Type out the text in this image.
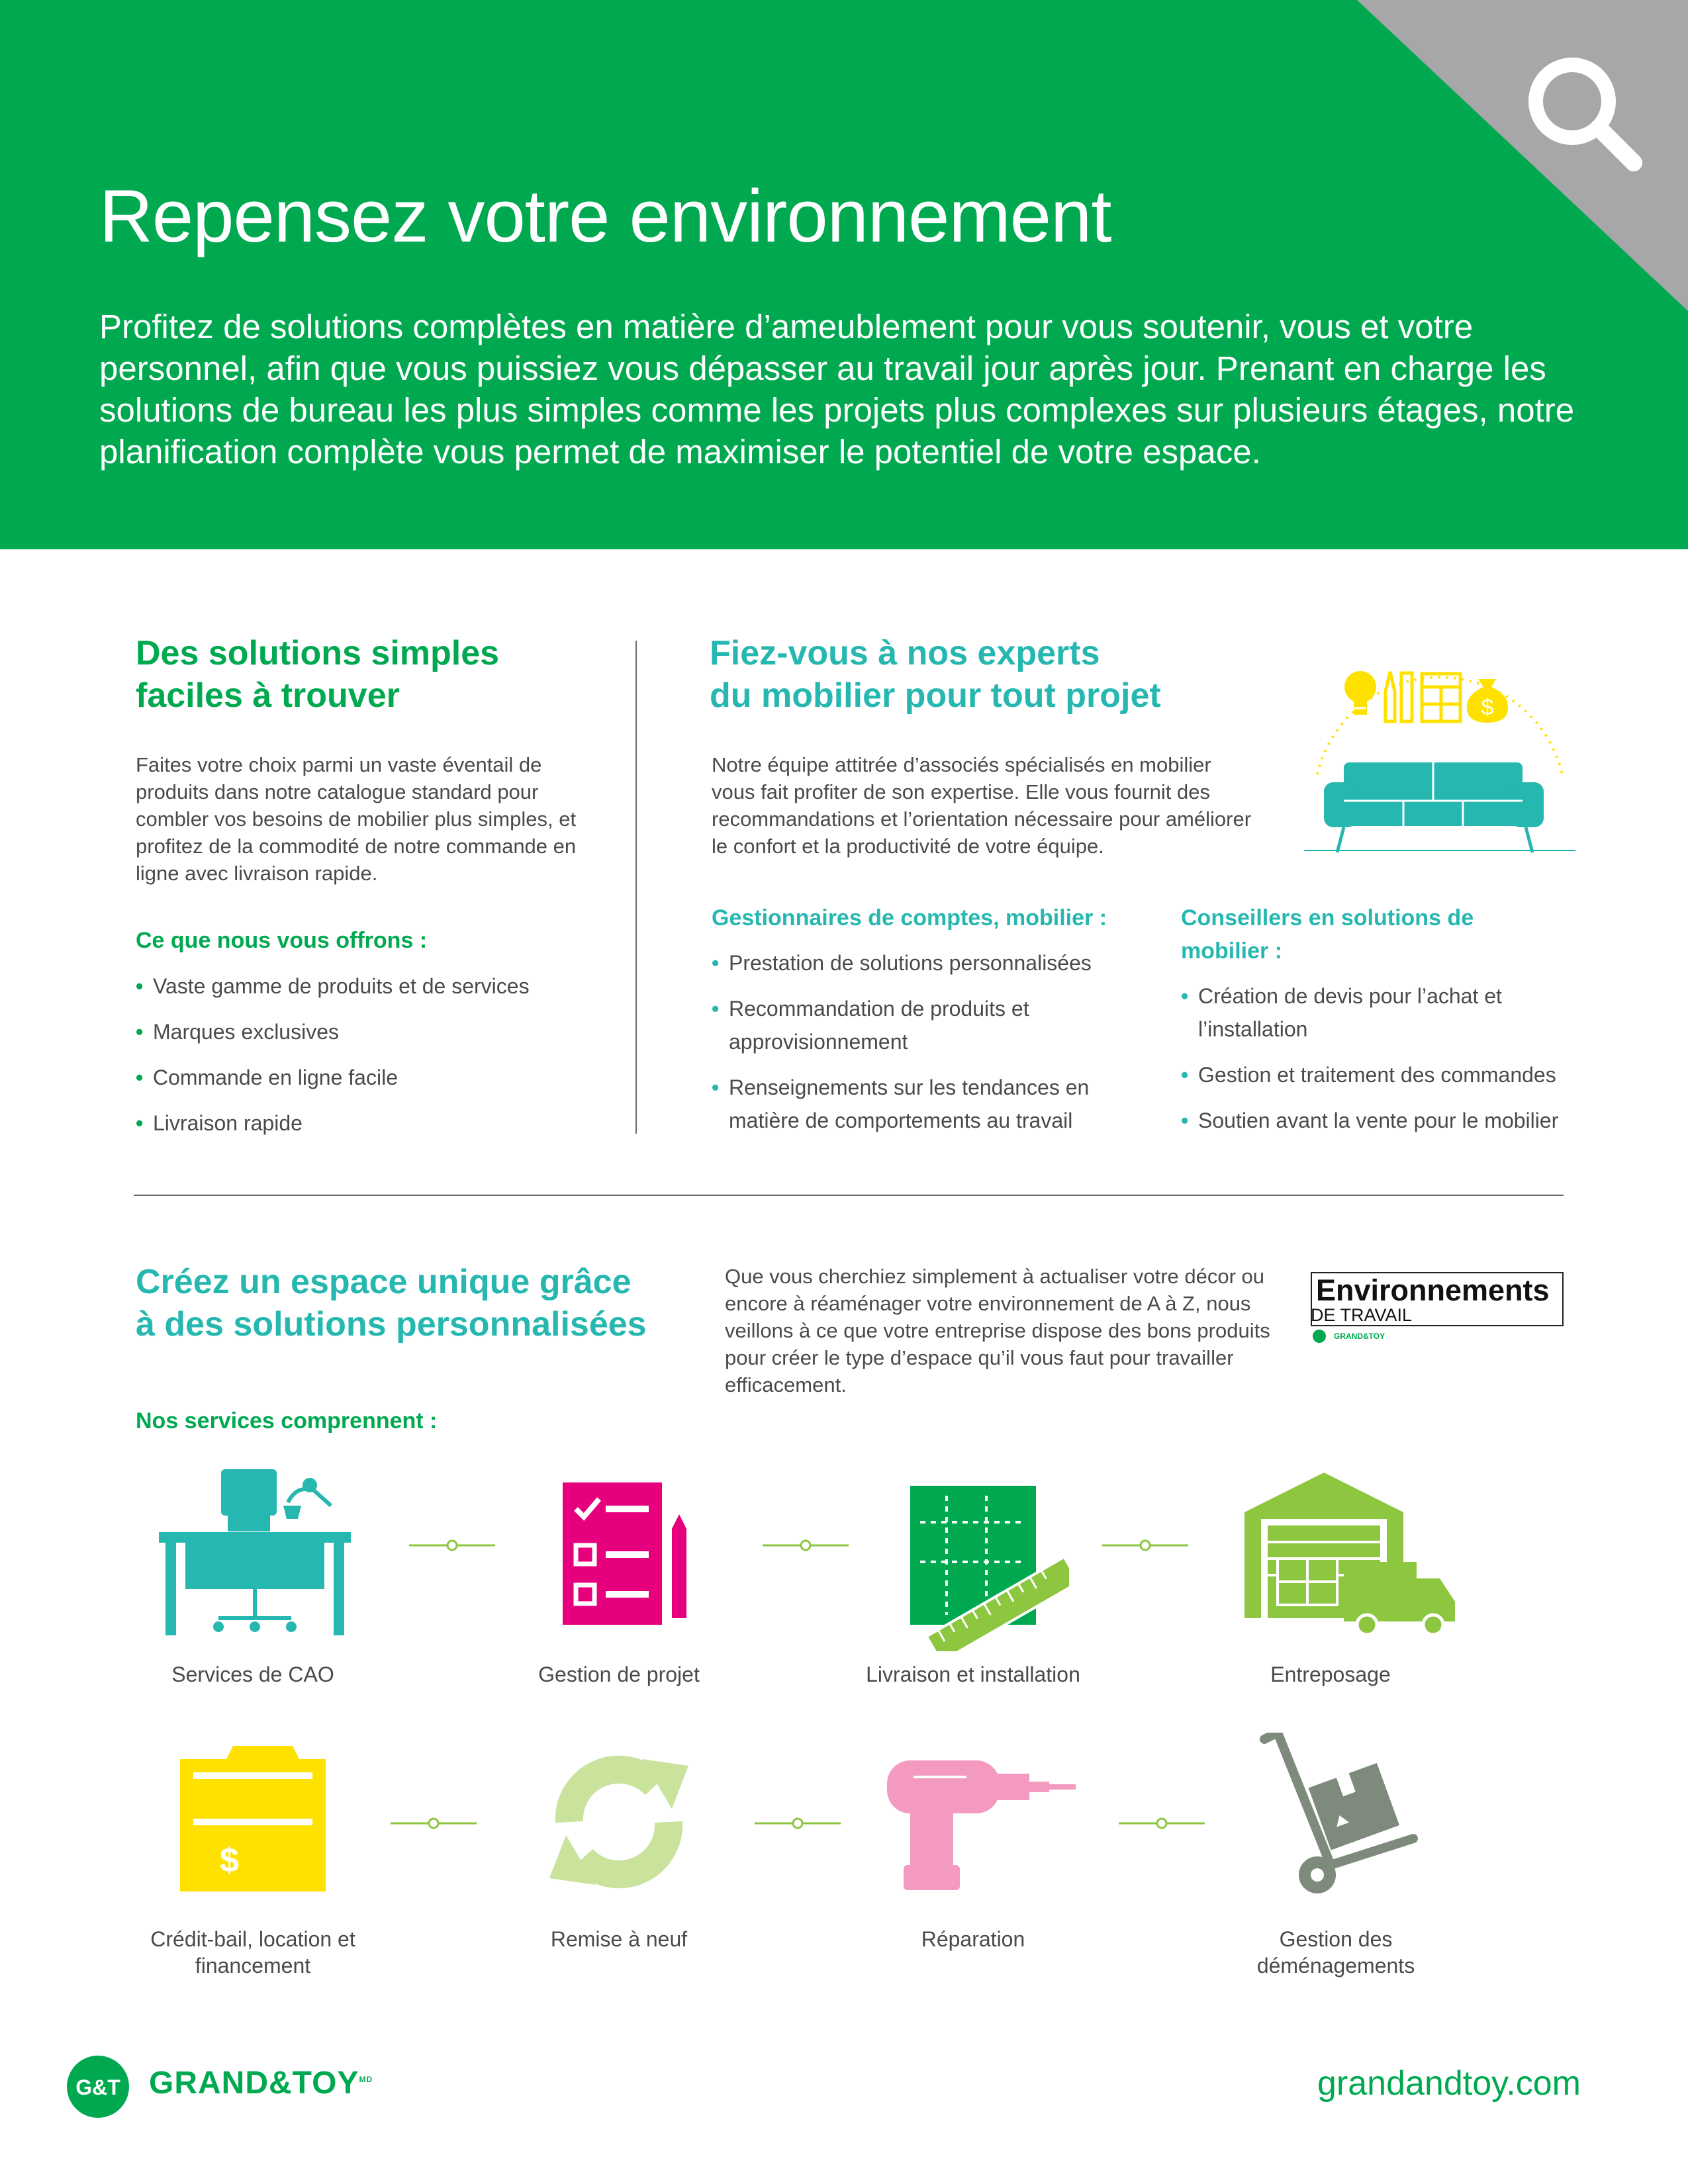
Repensez votre environnement

Profitez de solutions complètes en matière d’ameublement pour vous soutenir, vous et votre personnel, afin que vous puissiez vous dépasser au travail jour après jour. Prenant en charge les solutions de bureau les plus simples comme les projets plus complexes sur plusieurs étages, notre planification complète vous permet de maximiser le potentiel de votre espace.

Des solutions simples
faciles à trouver

Faites votre choix parmi un vaste éventail de produits dans notre catalogue standard pour combler vos besoins de mobilier plus simples, et profitez de la commodité de notre commande en ligne avec livraison rapide.

Ce que nous vous offrons :

• Vaste gamme de produits et de services
• Marques exclusives
• Commande en ligne facile
• Livraison rapide
Fiez-vous à nos experts
du mobilier pour tout projet

Notre équipe attitrée d’associés spécialisés en mobilier vous fait profiter de son expertise. Elle vous fournit des recommandations et l’orientation nécessaire pour améliorer le confort et la productivité de votre équipe.

$

Gestionnaires de comptes, mobilier :

• Prestation de solutions personnalisées
• Recommandation de produits et approvisionnement
• Renseignements sur les tendances en matière de comportements au travail

Conseillers en solutions de mobilier :

• Création de devis pour l’achat et l’installation
• Gestion et traitement des commandes
• Soutien avant la vente pour le mobilier
Créez un espace unique grâce
à des solutions personnalisées

Que vous cherchiez simplement à actualiser votre décor ou encore à réaménager votre environnement de A à Z, nous veillons à ce que votre entreprise dispose des bons produits pour créer le type d’espace qu’il vous faut pour travailler efficacement.

Environnements
DE TRAVAIL
GRAND&TOY

Nos services comprennent :

Services de CAO	Gestion de projet	Livraison et installation	Entreposage
$
Crédit-bail, location et financement
Remise à neuf	Réparation	Gestion des déménagements
G&T $GRAND\&TOY^{MD}$	grandandtoy.com
